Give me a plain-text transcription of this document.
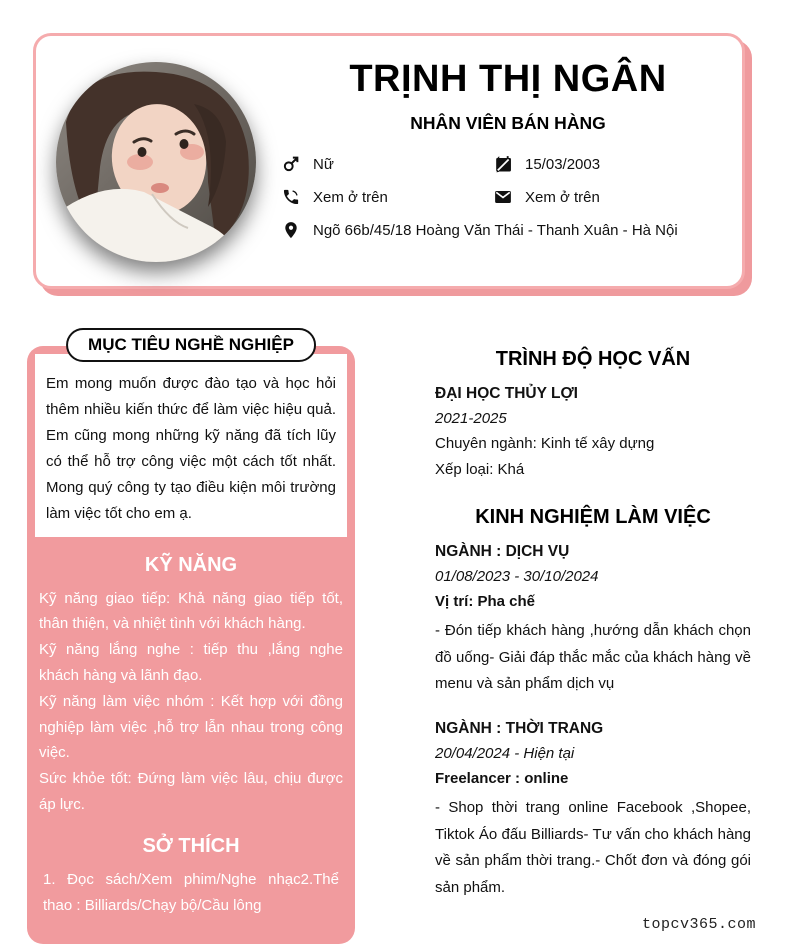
TRỊNH THỊ NGÂN
NHÂN VIÊN BÁN HÀNG
Nữ	15/03/2003
Xem ở trên	Xem ở trên
Ngõ 66b/45/18 Hoàng Văn Thái - Thanh Xuân - Hà Nội
MỤC TIÊU NGHỀ NGHIỆP
Em mong muốn được đào tạo và học hỏi thêm nhiều kiến thức để làm việc hiệu quả. Em cũng mong những kỹ năng đã tích lũy có thể hỗ trợ công việc một cách tốt nhất. Mong quý công ty tạo điều kiện môi trường làm việc tốt cho em ạ.
KỸ NĂNG
Kỹ năng giao tiếp: Khả năng giao tiếp tốt, thân thiện, và nhiệt tình với khách hàng.
Kỹ năng lắng nghe : tiếp thu ,lắng nghe khách hàng và lãnh đạo.
Kỹ năng làm việc nhóm : Kết hợp với đồng nghiệp làm việc ,hỗ trợ lẫn nhau trong công việc.
Sức khỏe tốt: Đứng làm việc lâu, chịu được áp lực.
SỞ THÍCH
1. Đọc sách/Xem phim/Nghe nhạc2.Thể thao : Billiards/Chạy bộ/Cầu lông
TRÌNH ĐỘ HỌC VẤN
ĐẠI HỌC THỦY LỢI
2021-2025
Chuyên ngành: Kinh tế xây dựng
Xếp loại: Khá
KINH NGHIỆM LÀM VIỆC
NGÀNH : DỊCH VỤ
01/08/2023 - 30/10/2024
Vị trí: Pha chế
- Đón tiếp khách hàng ,hướng dẫn khách chọn đồ uống- Giải đáp thắc mắc của khách hàng về menu và sản phẩm dịch vụ
NGÀNH : THỜI TRANG
20/04/2024 - Hiện tại
Freelancer : online
- Shop thời trang online Facebook ,Shopee, Tiktok Áo đấu Billiards- Tư vấn cho khách hàng về sản phẩm thời trang.- Chốt đơn và đóng gói sản phẩm.
topcv365.com
